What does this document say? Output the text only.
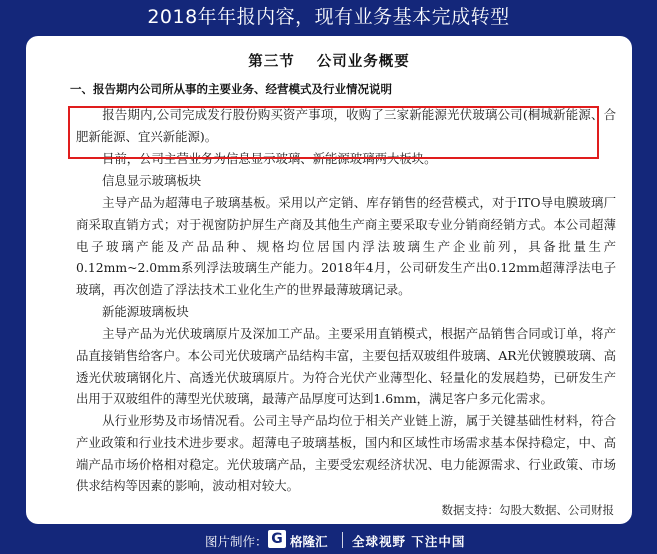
2018年年报内容，现有业务基本完成转型
第三节 公司业务概要
一、报告期内公司所从事的主要业务、经营模式及行业情况说明
报告期内,公司完成发行股份购买资产事项，收购了三家新能源光伏玻璃公司(桐城新能源、合肥新能源、宜兴新能源)。
目前，公司主营业务为信息显示玻璃、新能源玻璃两大板块。
信息显示玻璃板块
主导产品为超薄电子玻璃基板。采用以产定销、库存销售的经营模式，对于ITO导电膜玻璃厂商采取直销方式；对于视窗防护屏生产商及其他生产商主要采取专业分销商经销方式。本公司超薄电子玻璃产能及产品品种、规格均位居国内浮法玻璃生产企业前列，具备批量生产0.12mm~2.0mm系列浮法玻璃生产能力。2018年4月，公司研发生产出0.12mm超薄浮法电子玻璃，再次创造了浮法技术工业化生产的世界最薄玻璃记录。
新能源玻璃板块
主导产品为光伏玻璃原片及深加工产品。主要采用直销模式，根据产品销售合同或订单，将产品直接销售给客户。本公司光伏玻璃产品结构丰富，主要包括双玻组件玻璃、AR光伏镀膜玻璃、高透光伏玻璃钢化片、高透光伏玻璃原片。为符合光伏产业薄型化、轻量化的发展趋势，已研发生产出用于双玻组件的薄型光伏玻璃，最薄产品厚度可达到1.6mm，满足客户多元化需求。
从行业形势及市场情况看。公司主导产品均位于相关产业链上游，属于关键基础性材料，符合产业政策和行业技术进步要求。超薄电子玻璃基板，国内和区域性市场需求基本保持稳定，中、高端产品市场价格相对稳定。光伏玻璃产品，主要受宏观经济状况、电力能源需求、行业政策、市场供求结构等因素的影响，波动相对较大。
数据支持：勾股大数据、公司财报
图片制作： G 格隆汇 全球视野 下注中国
